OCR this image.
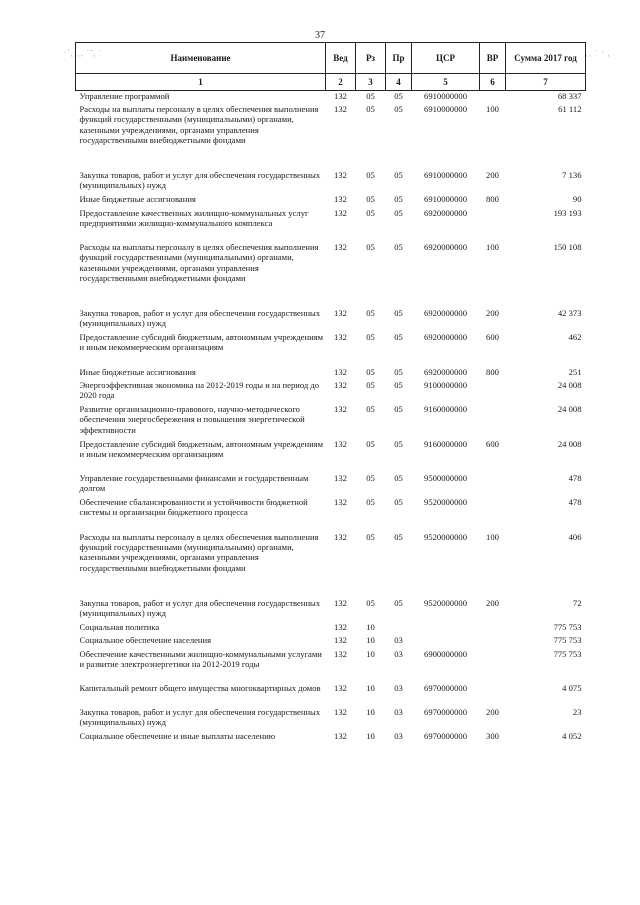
37
·˚˛·˛¸ ˙ˇ˛ ˙	˛˛ ˙ · ˛
Наименование	Вед	Рз	Пр	ЦСР	ВР	Сумма 2017 год
1	2	3	4	5	6	7
Управление программой	132	05	05	6910000000		68 337
Расходы на выплаты персоналу в целях обеспечения выполнения функций государственными (муниципальными) органами, казенными учреждениями, органами управления государственными внебюджетными фондами	132	05	05	6910000000	100	61 112
Закупка товаров, работ и услуг для обеспечения государственных (муниципальных) нужд	132	05	05	6910000000	200	7 136
Иные бюджетные ассигнования	132	05	05	6910000000	800	90
Предоставление качественных жилищно-коммунальных услуг предприятиями жилищно-коммунального комплекса	132	05	05	6920000000		193 193
Расходы на выплаты персоналу в целях обеспечения выполнения функций государственными (муниципальными) органами, казенными учреждениями, органами управления государственными внебюджетными фондами	132	05	05	6920000000	100	150 108
Закупка товаров, работ и услуг для обеспечения государственных (муниципальных) нужд	132	05	05	6920000000	200	42 373
Предоставление субсидий бюджетным, автономным учреждениям и иным некоммерческим организациям	132	05	05	6920000000	600	462
Иные бюджетные ассигнования	132	05	05	6920000000	800	251
Энергоэффективная экономика на 2012-2019 годы и на период до 2020 года	132	05	05	9100000000		24 008
Развитие организационно-правового, научно-методического обеспечения энергосбережения и повышения энергетической эффективности	132	05	05	9160000000		24 008
Предоставление субсидий бюджетным, автономным учреждениям и иным некоммерческим организациям	132	05	05	9160000000	600	24 008
Управление государственными финансами и государственным долгом	132	05	05	9500000000		478
Обеспечение сбалансированности и устойчивости бюджетной системы и организации бюджетного процесса	132	05	05	9520000000		478
Расходы на выплаты персоналу в целях обеспечения выполнения функций государственными (муниципальными) органами, казенными учреждениями, органами управления государственными внебюджетными фондами	132	05	05	9520000000	100	406
Закупка товаров, работ и услуг для обеспечения государственных (муниципальных) нужд	132	05	05	9520000000	200	72
Социальная политика	132	10				775 753
Социальное обеспечение населения	132	10	03			775 753
Обеспечение качественными жилищно-коммунальными услугами и развитие электроэнергетики на 2012-2019 годы	132	10	03	6900000000		775 753
Капитальный ремонт общего имущества многоквартирных домов	132	10	03	6970000000		4 075
Закупка товаров, работ и услуг для обеспечения государственных (муниципальных) нужд	132	10	03	6970000000	200	23
Социальное обеспечение и иные выплаты населению	132	10	03	6970000000	300	4 052
